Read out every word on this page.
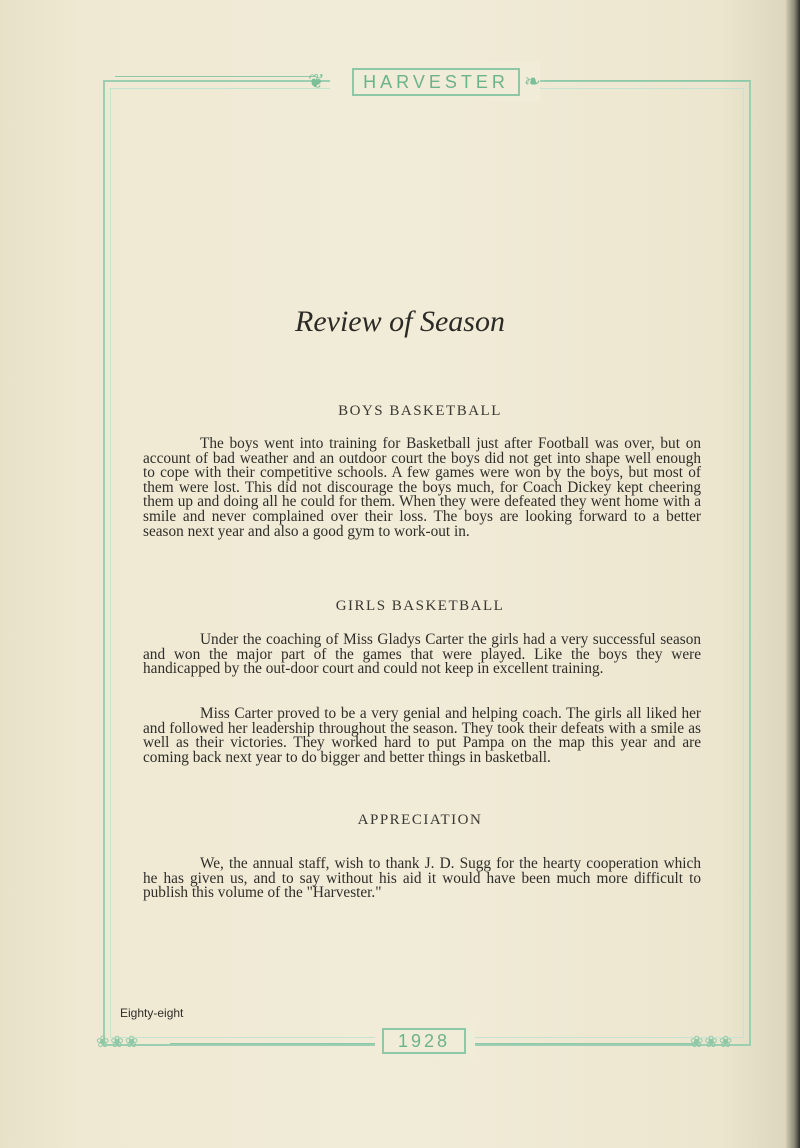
❦	HARVESTER ❧
Review of Season
BOYS BASKETBALL

The boys went into training for Basketball just after Football was over, but on account of bad weather and an outdoor court the boys did not get into shape well enough to cope with their competitive schools. A few games were won by the boys, but most of them were lost. This did not discourage the boys much, for Coach Dickey kept cheering them up and doing all he could for them. When they were defeated they went home with a smile and never complained over their loss. The boys are looking forward to a better season next year and also a good gym to work-out in.

GIRLS BASKETBALL

Under the coaching of Miss Gladys Carter the girls had a very successful season and won the major part of the games that were played. Like the boys they were handicapped by the out-door court and could not keep in excellent training.

Miss Carter proved to be a very genial and helping coach. The girls all liked her and followed her leadership throughout the season. They took their defeats with a smile as well as their victories. They worked hard to put Pampa on the map this year and are coming back next year to do bigger and better things in basketball.

APPRECIATION

We, the annual staff, wish to thank J. D. Sugg for the hearty cooperation which he has given us, and to say without his aid it would have been much more difficult to publish this volume of the "Harvester."

Eighty-eight
❀❀❀	❀❀❀
1928
